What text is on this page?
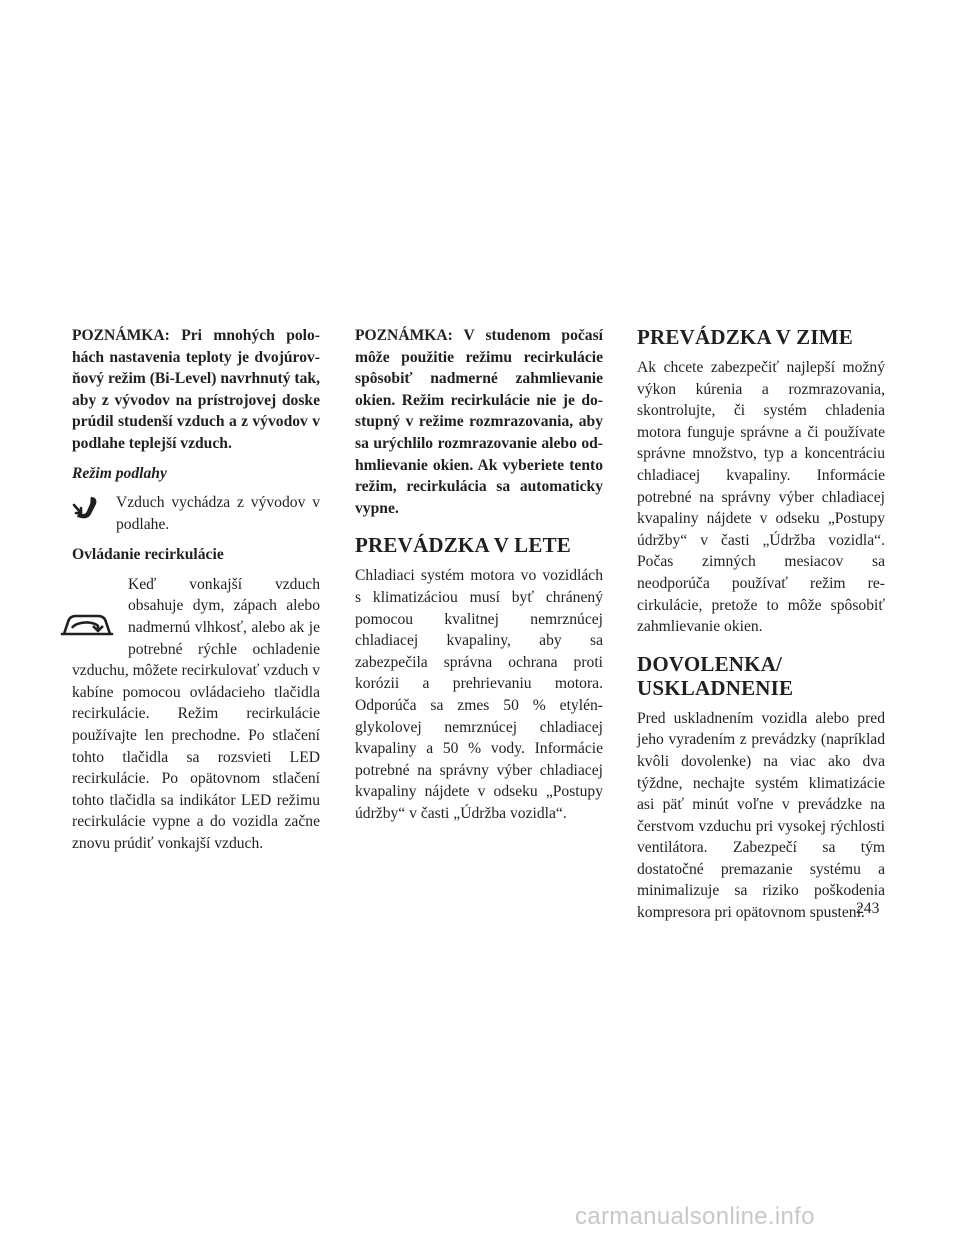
POZNÁMKA: Pri mnohých polohách nastavenia teploty je dvojúrovňový režim (Bi-Level) navrhnutý tak, aby z vývodov na prístrojovej doske prúdil studenší vzduch a z vývodov v podlahe teplejší vzduch.

Režim podlahy

Vzduch vychádza z vývodov v podlahe.

Ovládanie recirkulácie

Keď vonkajší vzduch obsahuje dym, zápach alebo nadmernú vlhkosť, alebo ak je potrebné rýchle ochladenie vzduchu, môžete recirkulovať vzduch v kabíne pomocou ovládacieho tlačidla recirkulácie. Režim recirkulácie používajte len prechodne. Po stlačení tohto tlačidla sa rozsvieti LED recirkulácie. Po opätovnom stlačení tohto tlačidla sa indikátor LED režimu recirkulácie vypne a do vozidla začne znovu prúdiť vonkajší vzduch.

POZNÁMKA: V studenom počasí môže použitie režimu recirkulácie spôsobiť nadmerné zahmlievanie okien. Režim recirkulácie nie je dostupný v režime rozmrazovania, aby sa urýchlilo rozmrazovanie alebo odhmlievanie okien. Ak vyberiete tento režim, recirkulácia sa automaticky vypne.

PREVÁDZKA V LETE

Chladiaci systém motora vo vozidlách s klimatizáciou musí byť chránený pomocou kvalitnej nemrznúcej chladiacej kvapaliny, aby sa zabezpečila správna ochrana proti korózii a prehrievaniu motora. Odporúča sa zmes 50 % etylénglykolovej nemrznúcej chladiacej kvapaliny a 50 % vody. Informácie potrebné na správny výber chladiacej kvapaliny nájdete v odseku „Postupy údržby“ v časti „Údržba vozidla“.

PREVÁDZKA V ZIME

Ak chcete zabezpečiť najlepší možný výkon kúrenia a rozmrazovania, skontrolujte, či systém chladenia motora funguje správne a či používate správne množstvo, typ a koncentráciu chladiacej kvapaliny. Informácie potrebné na správny výber chladiacej kvapaliny nájdete v odseku „Postupy údržby“ v časti „Údržba vozidla“. Počas zimných mesiacov sa neodporúča používať režim recirkulácie, pretože to môže spôsobiť zahmlievanie okien.

DOVOLENKA/ USKLADNENIE

Pred uskladnením vozidla alebo pred jeho vyradením z prevádzky (napríklad kvôli dovolenke) na viac ako dva týždne, nechajte systém klimatizácie asi päť minút voľne v prevádzke na čerstvom vzduchu pri vysokej rýchlosti ventilátora. Zabezpečí sa tým dostatočné premazanie systému a minimalizuje sa riziko poškodenia kompresora pri opätovnom spustení.

243
carmanualsonline.info
